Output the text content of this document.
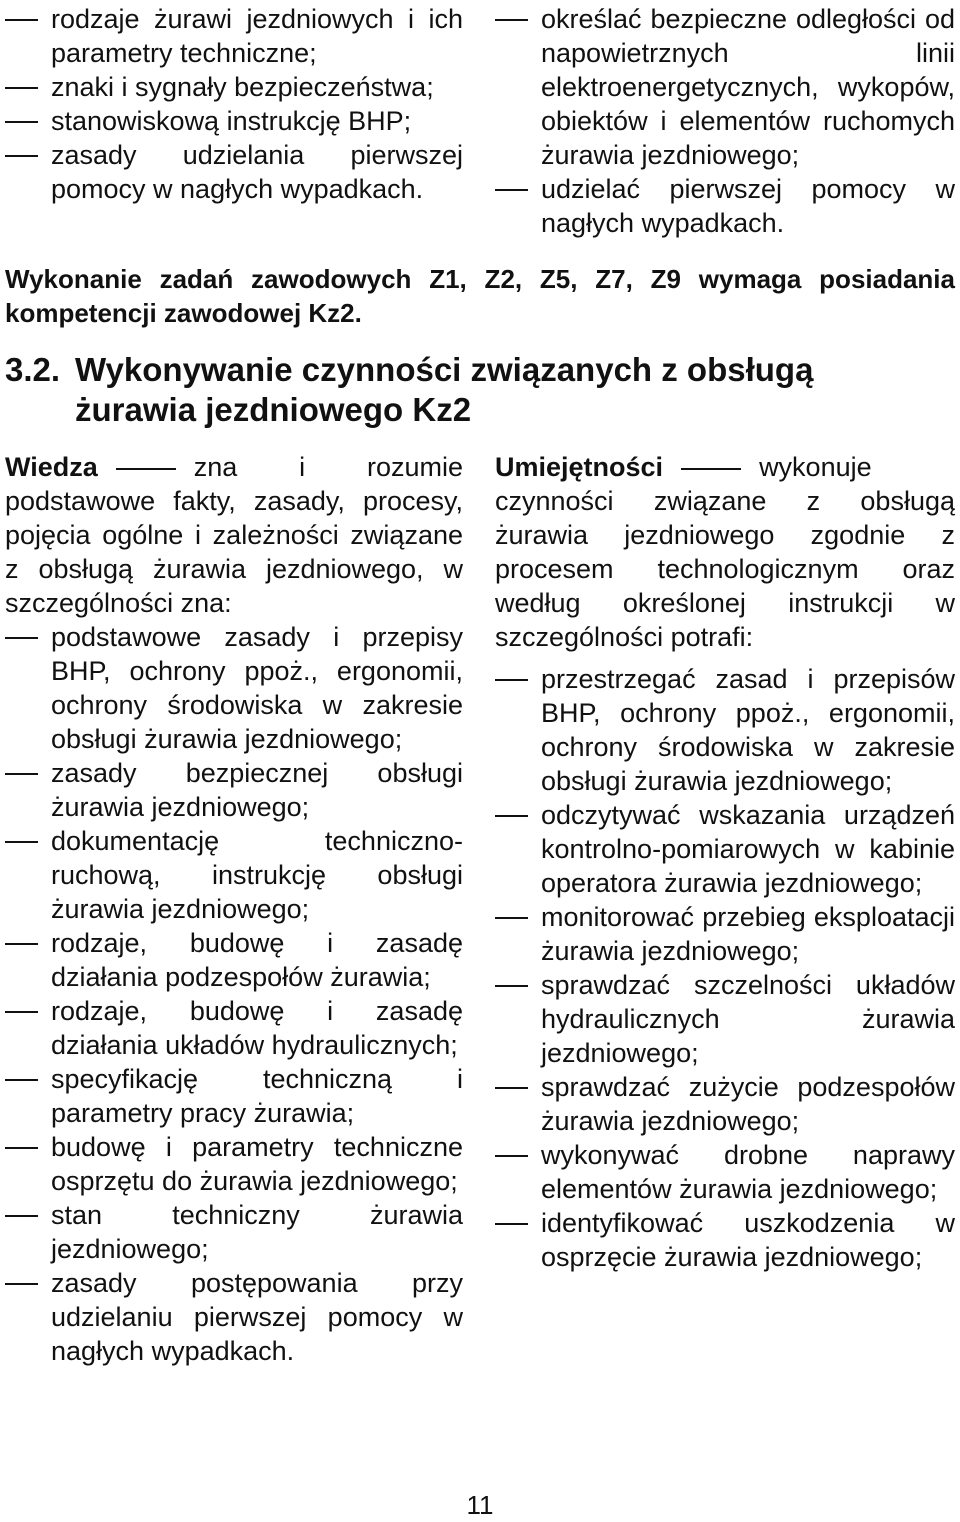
rodzaje żurawi jezdniowych i ich parametry techniczne;
znaki i sygnały bezpieczeństwa;
stanowiskową instrukcję BHP;
zasady udzielania pierwszej pomocy w nagłych wypadkach.
określać bezpieczne odległości od napowietrznych linii elektroenergetycznych, wykopów, obiektów i elementów ruchomych żurawia jezdniowego;
udzielać pierwszej pomocy w nagłych wypadkach.
Wykonanie zadań zawodowych Z1, Z2, Z5, Z7, Z9 wymaga posiadania kompetencji zawodowej Kz2.
3.2. Wykonywanie czynności związanych z obsługą
żurawia jezdniowego Kz2
Wiedza	zna i rozumie podstawowe fakty, zasady, procesy, pojęcia ogólne i zależności związane z obsługą żurawia jezdniowego, w szczególności zna:
podstawowe zasady i przepisy BHP, ochrony ppoż., ergonomii, ochrony środowiska w zakresie obsługi żurawia jezdniowego;
zasady bezpiecznej obsługi żurawia jezdniowego;
dokumentację techniczno-ruchową, instrukcję obsługi żurawia jezdniowego;
rodzaje, budowę i zasadę działania podzespołów żurawia;
rodzaje, budowę i zasadę działania układów hydraulicznych;
specyfikację techniczną i parametry pracy żurawia;
budowę i parametry techniczne osprzętu do żurawia jezdniowego;
stan techniczny żurawia jezdniowego;
zasady postępowania przy udzielaniu pierwszej pomocy w nagłych wypadkach.
Umiejętności	wykonuje czynności związane z obsługą żurawia jezdniowego zgodnie z procesem technologicznym oraz według określonej instrukcji w szczególności potrafi:
przestrzegać zasad i przepisów BHP, ochrony ppoż., ergonomii, ochrony środowiska w zakresie obsługi żurawia jezdniowego;
odczytywać wskazania urządzeń kontrolno-pomiarowych w kabinie operatora żurawia jezdniowego;
monitorować przebieg eksploatacji żurawia jezdniowego;
sprawdzać szczelności układów hydraulicznych żurawia jezdniowego;
sprawdzać zużycie podzespołów żurawia jezdniowego;
wykonywać drobne naprawy elementów żurawia jezdniowego;
identyfikować uszkodzenia w osprzęcie żurawia jezdniowego;
11
